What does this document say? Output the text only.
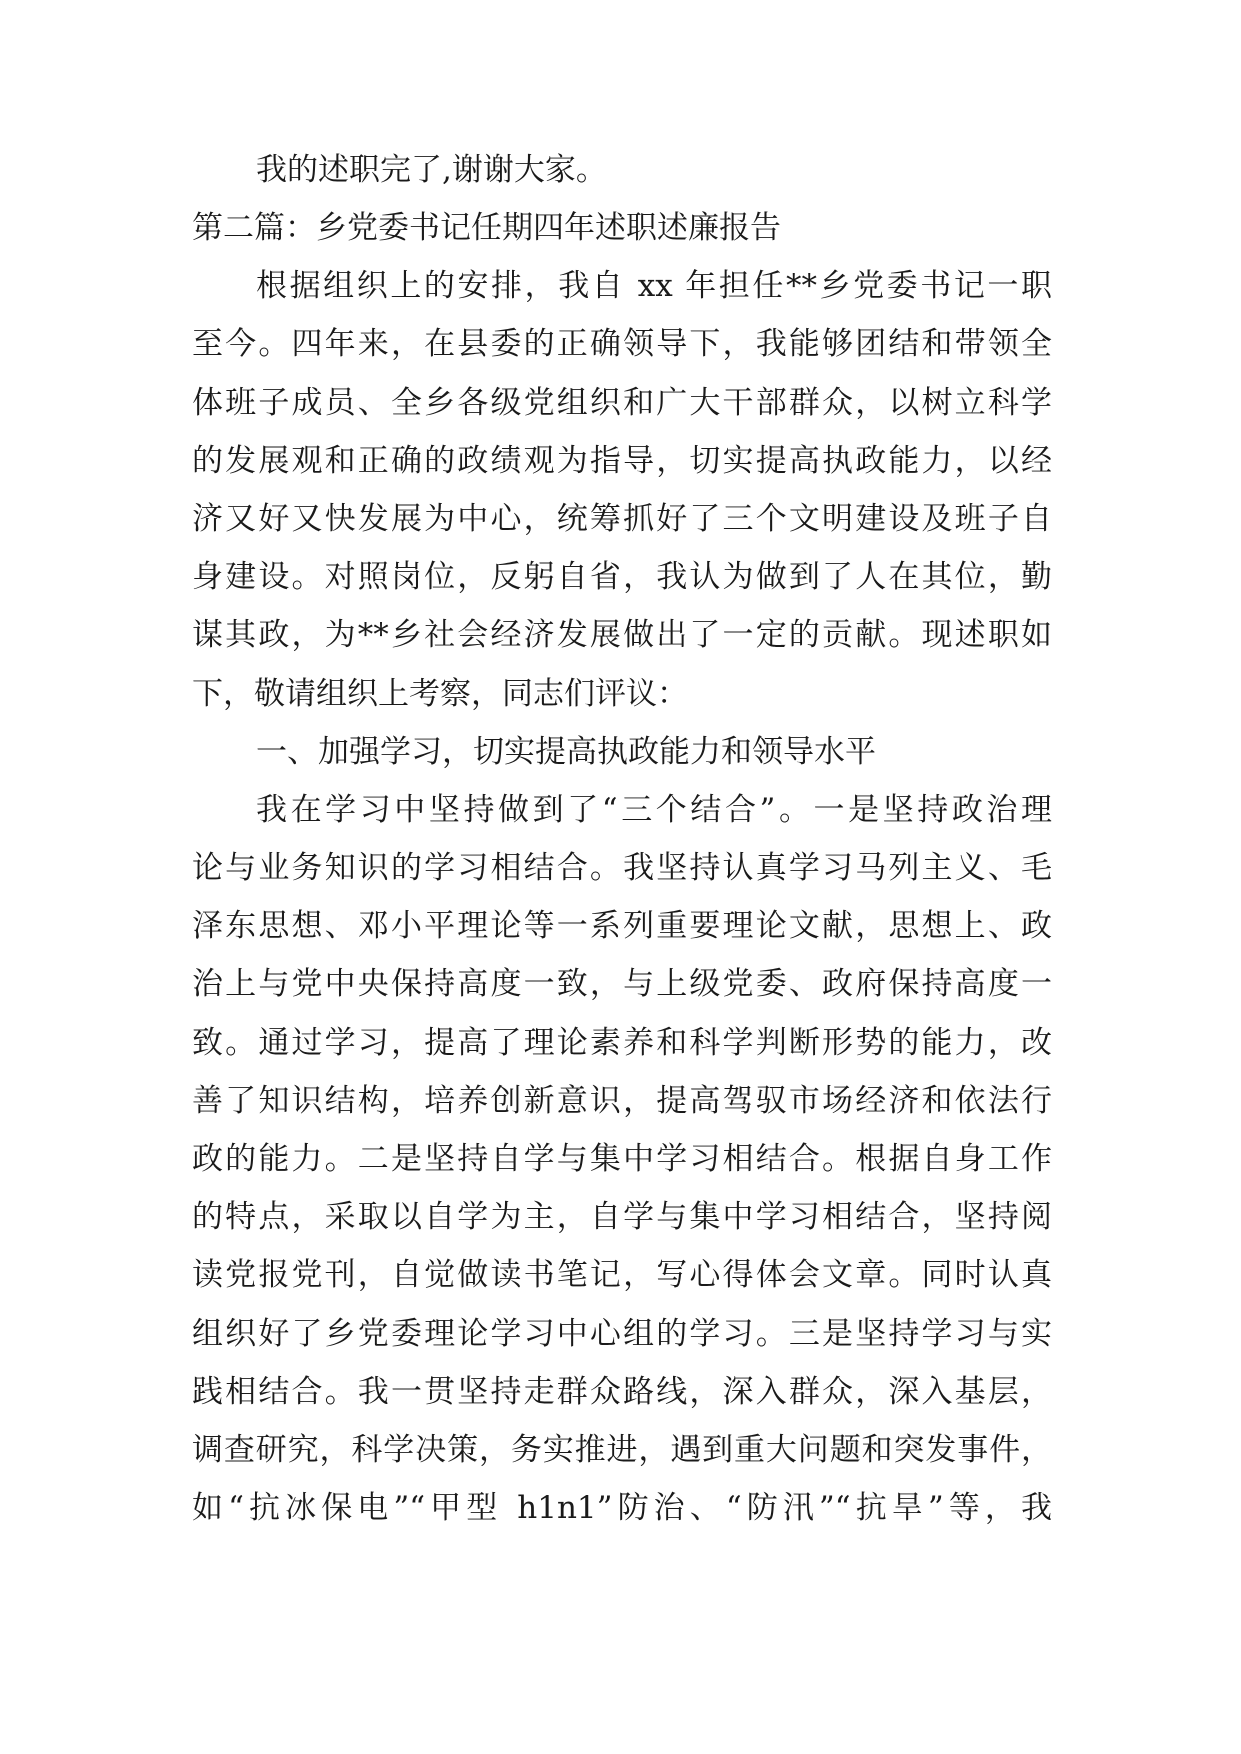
我的述职完了,谢谢大家。
第二篇：乡党委书记任期四年述职述廉报告
根据组织上的安排，我自 xx 年担任**乡党委书记一职
至今。四年来，在县委的正确领导下，我能够团结和带领全
体班子成员、全乡各级党组织和广大干部群众，以树立科学
的发展观和正确的政绩观为指导，切实提高执政能力，以经
济又好又快发展为中心，统筹抓好了三个文明建设及班子自
身建设。对照岗位，反躬自省，我认为做到了人在其位，勤
谋其政，为**乡社会经济发展做出了一定的贡献。现述职如
下，敬请组织上考察，同志们评议：
一、加强学习，切实提高执政能力和领导水平
我在学习中坚持做到了“三个结合”。一是坚持政治理
论与业务知识的学习相结合。我坚持认真学习马列主义、毛
泽东思想、邓小平理论等一系列重要理论文献，思想上、政
治上与党中央保持高度一致，与上级党委、政府保持高度一
致。通过学习，提高了理论素养和科学判断形势的能力，改
善了知识结构，培养创新意识，提高驾驭市场经济和依法行
政的能力。二是坚持自学与集中学习相结合。根据自身工作
的特点，采取以自学为主，自学与集中学习相结合，坚持阅
读党报党刊，自觉做读书笔记，写心得体会文章。同时认真
组织好了乡党委理论学习中心组的学习。三是坚持学习与实
践相结合。我一贯坚持走群众路线，深入群众，深入基层，
调查研究，科学决策，务实推进，遇到重大问题和突发事件，
如“抗冰保电”“甲型 h1n1”防治、“防汛”“抗旱”等，我
